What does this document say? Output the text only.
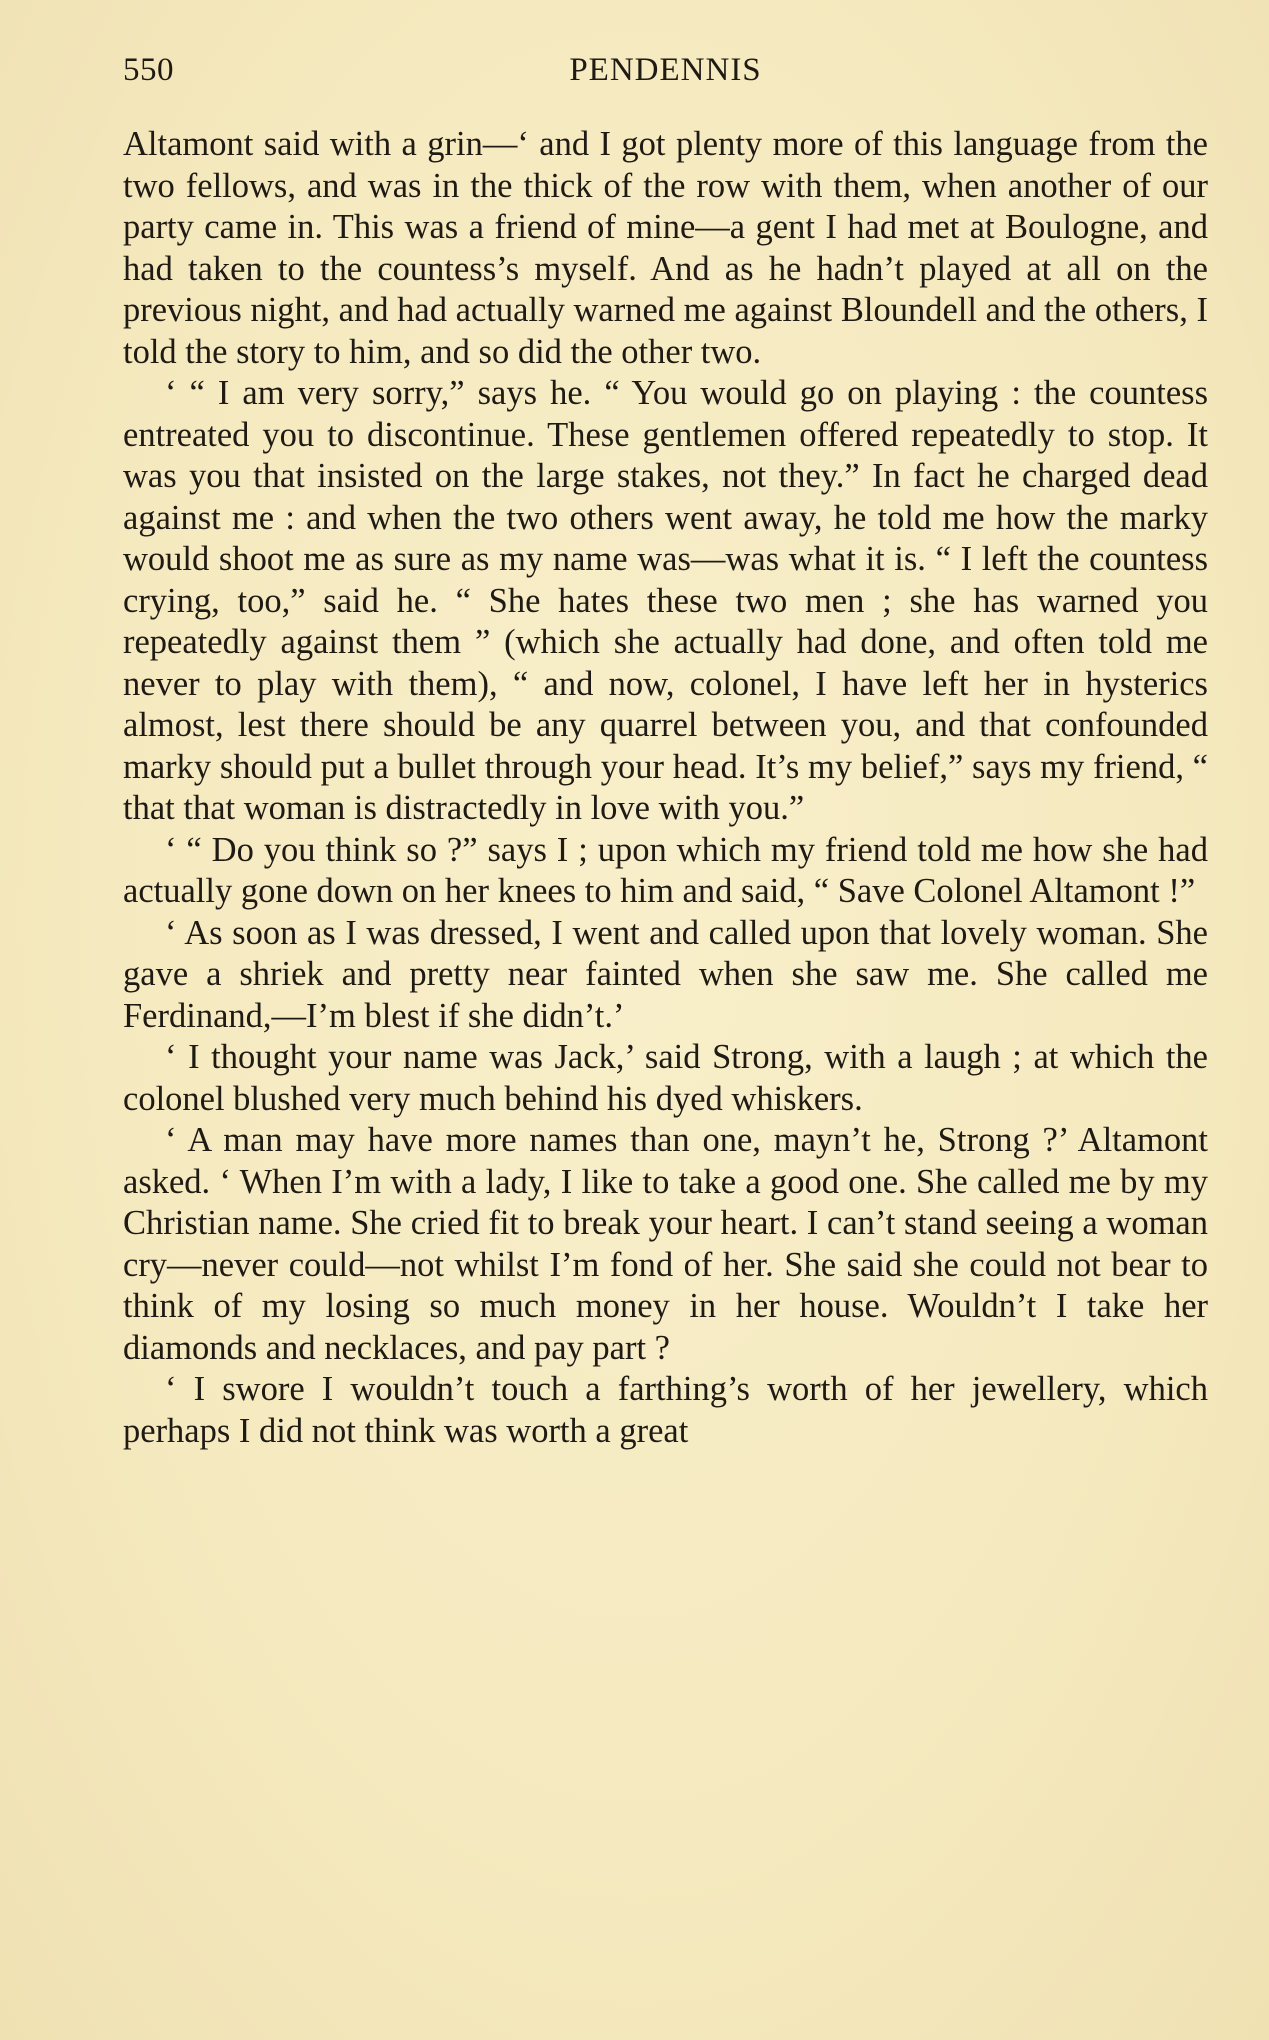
550	PENDENNIS

Altamont said with a grin—‘ and I got plenty more of this language from the two fellows, and was in the thick of the row with them, when another of our party came in. This was a friend of mine—a gent I had met at Boulogne, and had taken to the countess’s myself. And as he hadn’t played at all on the previous night, and had actually warned me against Bloundell and the others, I told the story to him, and so did the other two.

‘ “ I am very sorry,” says he. “ You would go on playing : the countess entreated you to discontinue. These gentlemen offered repeatedly to stop. It was you that insisted on the large stakes, not they.” In fact he charged dead against me : and when the two others went away, he told me how the marky would shoot me as sure as my name was—was what it is. “ I left the countess crying, too,” said he. “ She hates these two men ; she has warned you repeatedly against them ” (which she actually had done, and often told me never to play with them), “ and now, colonel, I have left her in hysterics almost, lest there should be any quarrel between you, and that confounded marky should put a bullet through your head. It’s my belief,” says my friend, “ that that woman is distractedly in love with you.”

‘ “ Do you think so ?” says I ; upon which my friend told me how she had actually gone down on her knees to him and said, “ Save Colonel Altamont !”

‘ As soon as I was dressed, I went and called upon that lovely woman. She gave a shriek and pretty near fainted when she saw me. She called me Ferdinand,—I’m blest if she didn’t.’

‘ I thought your name was Jack,’ said Strong, with a laugh ; at which the colonel blushed very much behind his dyed whiskers.

‘ A man may have more names than one, mayn’t he, Strong ?’ Altamont asked. ‘ When I’m with a lady, I like to take a good one. She called me by my Christian name. She cried fit to break your heart. I can’t stand seeing a woman cry—never could—not whilst I’m fond of her. She said she could not bear to think of my losing so much money in her house. Wouldn’t I take her diamonds and necklaces, and pay part ?

‘ I swore I wouldn’t touch a farthing’s worth of her jewellery, which perhaps I did not think was worth a great
